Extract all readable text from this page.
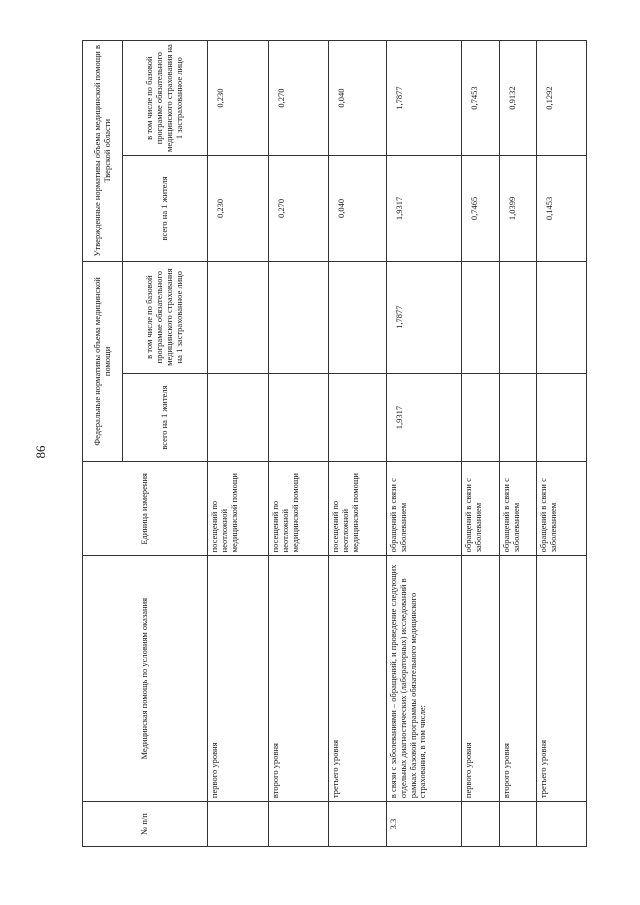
86
№ п/п	Медицинская помощь по условиям оказания	Единица измерения	Федеральные нормативы объема медицинской помощи		Утвержденные нормативы объема медицинской помощи в Тверской области	
			всего на 1 жителя	в том числе по базовой программе обязательного медицинского страхования на 1 застрахованное лицо	всего на 1 жителя	в том числе по базовой программе обязательного медицинского страхования на 1 застрахованное лицо
	первого уровня	посещений по неотложной медицинской помощи			0,230	0,230
	второго уровня	посещений по неотложной медицинской помощи			0,270	0,270
	третьего уровня	посещений по неотложной медицинской помощи			0,040	0,040
3.3	в связи с заболеваниями – обращений, и проведение следующих отдельных диагностических (лабораторных) исследований в рамках базовой программы обязательного медицинского страхования, в том числе:	обращений в связи с заболеванием	1,9317	1,7877	1,9317	1,7877
	первого уровня	обращений в связи с заболеванием			0,7465	0,7453
	второго уровня	обращений в связи с заболеванием			1,0399	0,9132
	третьего уровня	обращений в связи с заболеванием			0,1453	0,1292
